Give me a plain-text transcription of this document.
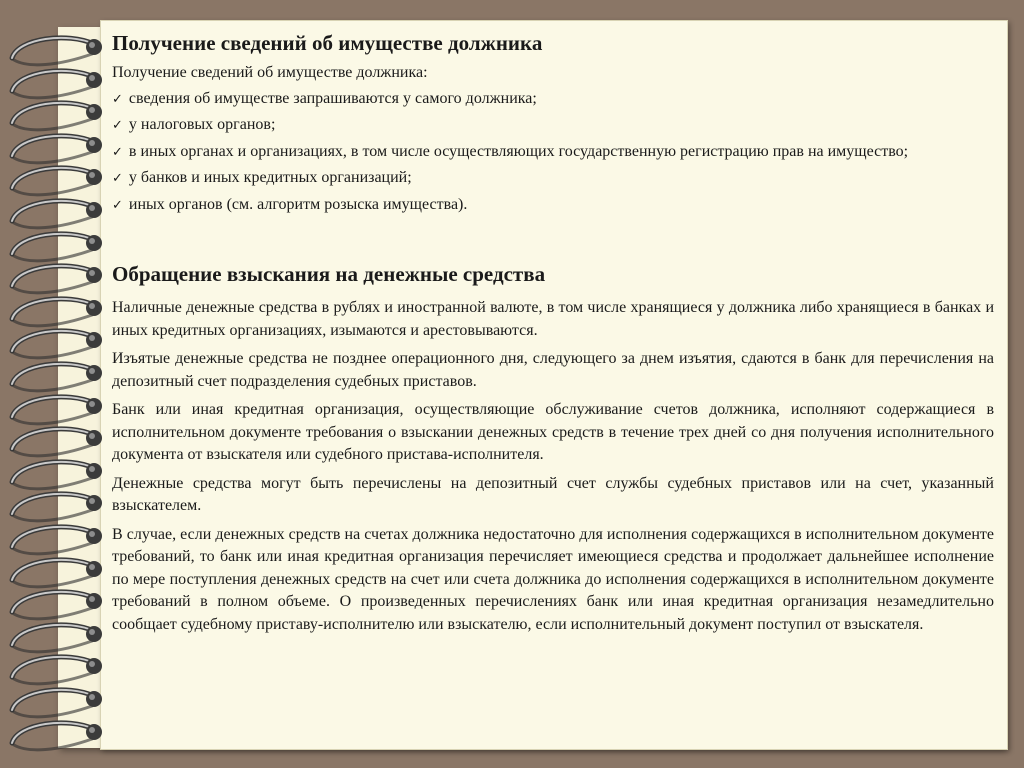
Получение сведений об имуществе должника

Получение сведений об имуществе должника:

✓ сведения об имуществе запрашиваются у самого должника;

✓ у налоговых органов;

✓ в иных органах и организациях, в том числе осуществляющих государственную регистрацию прав на имущество;

✓ у банков и иных кредитных организаций;

✓ иных органов (см. алгоритм розыска имущества).

Обращение взыскания на денежные средства

Наличные денежные средства в рублях и иностранной валюте, в том числе хранящиеся у должника либо хранящиеся в банках и иных кредитных организациях, изымаются и арестовываются.

Изъятые денежные средства не позднее операционного дня, следующего за днем изъятия, сдаются в банк для перечисления на депозитный счет подразделения судебных приставов.

Банк или иная кредитная организация, осуществляющие обслуживание счетов должника, исполняют содержащиеся в исполнительном документе требования о взыскании денежных средств в течение трех дней со дня получения исполнительного документа от взыскателя или судебного пристава-исполнителя.

Денежные средства могут быть перечислены на депозитный счет службы судебных приставов или на счет, указанный взыскателем.

В случае, если денежных средств на счетах должника недостаточно для исполнения содержащихся в исполнительном документе требований, то банк или иная кредитная организация перечисляет имеющиеся средства и продолжает дальнейшее исполнение по мере поступления денежных средств на счет или счета должника до исполнения содержащихся в исполнительном документе требований в полном объеме. О произведенных перечислениях банк или иная кредитная организация незамедлительно сообщает судебному приставу-исполнителю или взыскателю, если исполнительный документ поступил от взыскателя.
